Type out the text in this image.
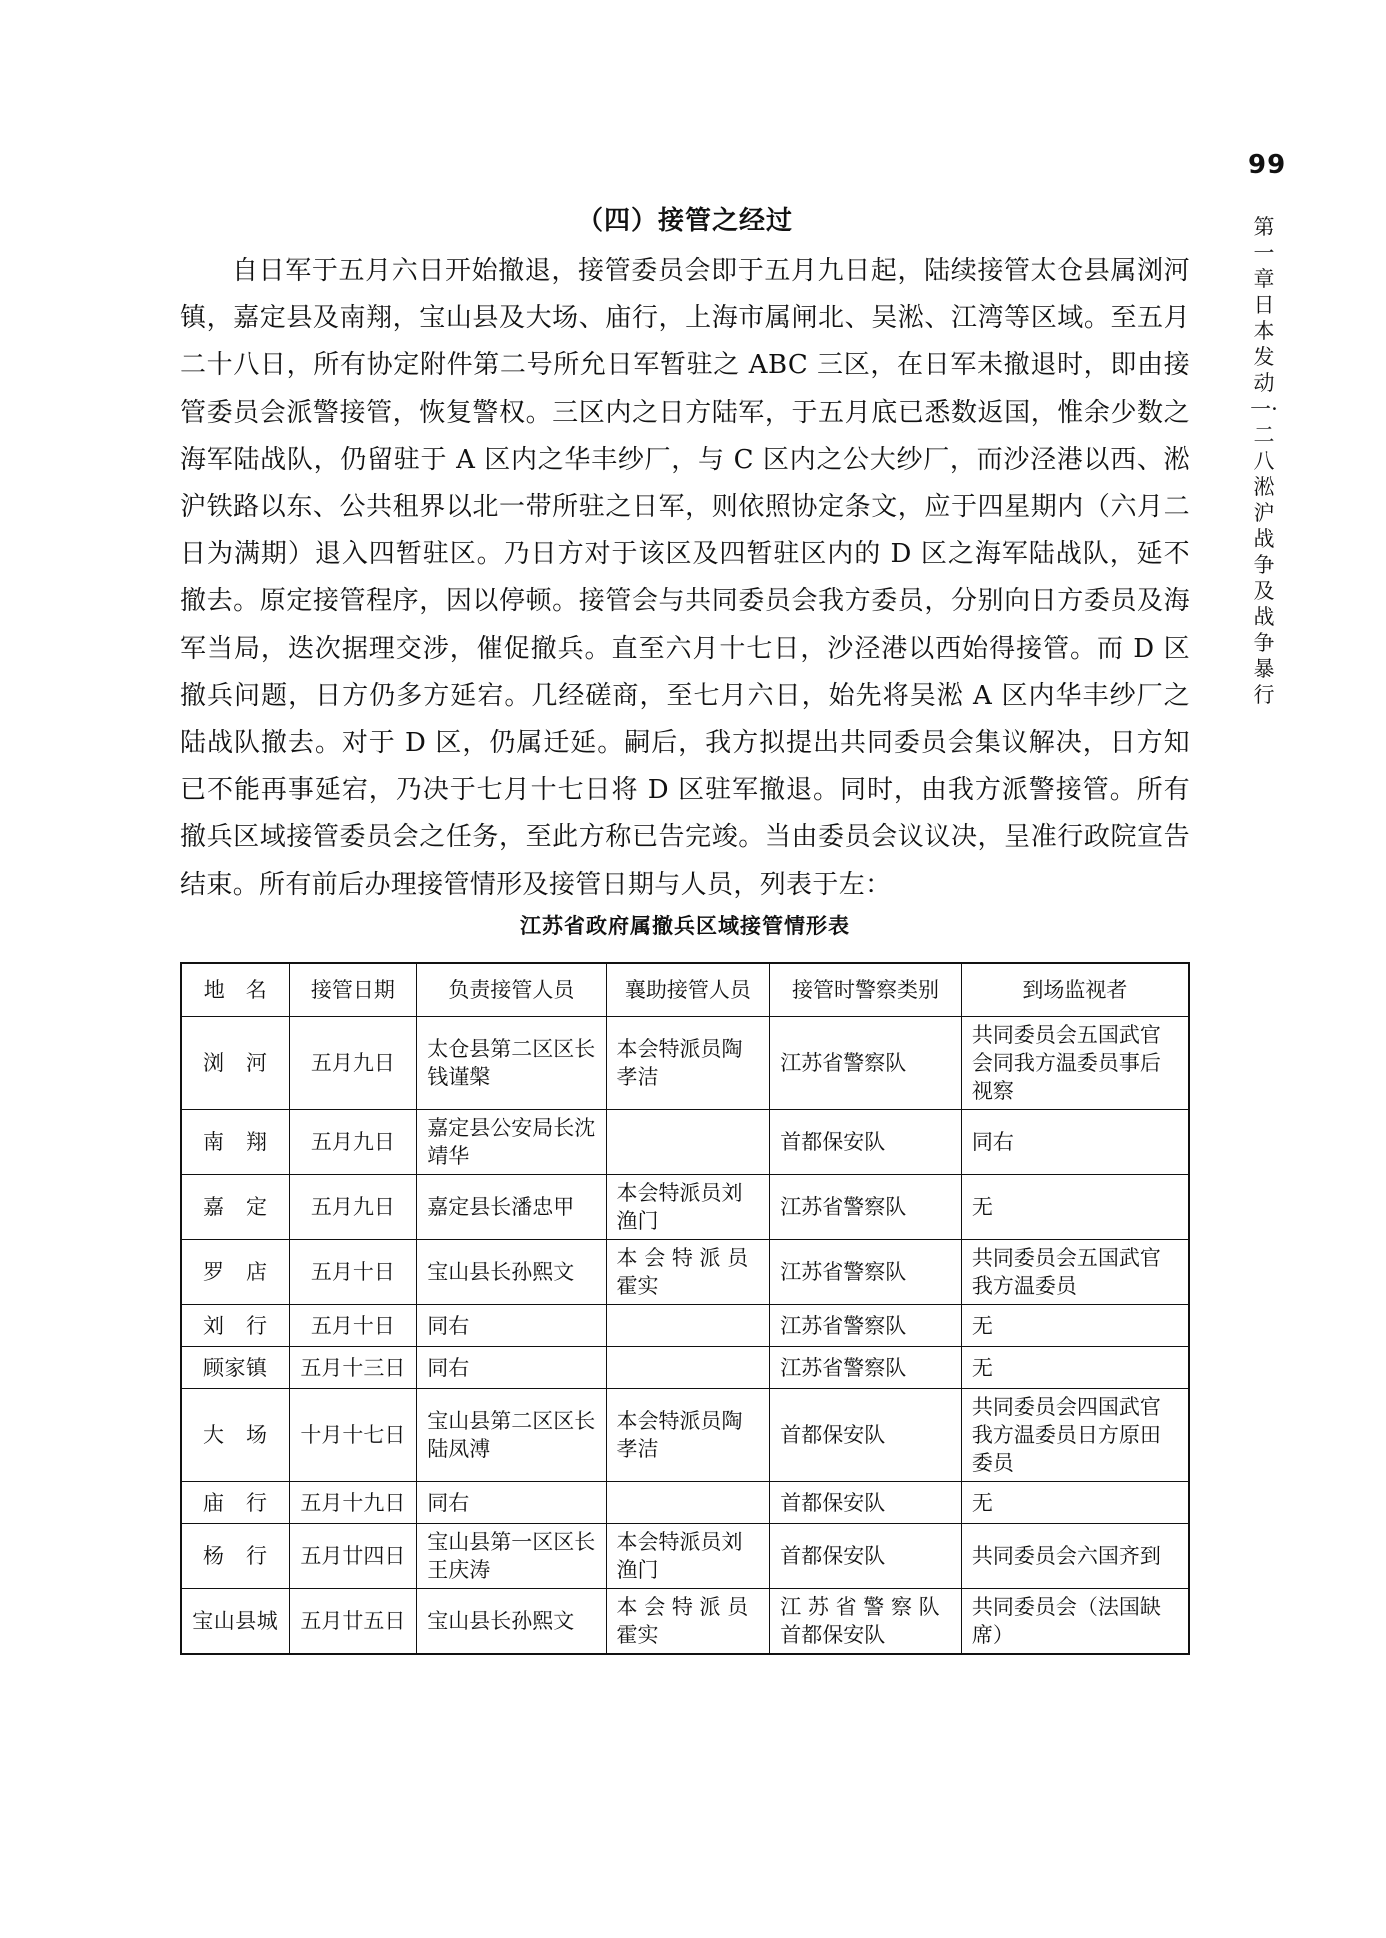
99
第一章 日本发动一·二八淞沪战争及战争暴行
（四）接管之经过

自日军于五月六日开始撤退，接管委员会即于五月九日起，陆续接管太仓县属浏河镇，嘉定县及南翔，宝山县及大场、庙行，上海市属闸北、吴淞、江湾等区域。至五月二十八日，所有协定附件第二号所允日军暂驻之 ABC 三区，在日军未撤退时，即由接管委员会派警接管，恢复警权。三区内之日方陆军，于五月底已悉数返国，惟余少数之海军陆战队，仍留驻于 A 区内之华丰纱厂，与 C 区内之公大纱厂，而沙泾港以西、淞沪铁路以东、公共租界以北一带所驻之日军，则依照协定条文，应于四星期内（六月二日为满期）退入四暂驻区。乃日方对于该区及四暂驻区内的 D 区之海军陆战队，延不撤去。原定接管程序，因以停顿。接管会与共同委员会我方委员，分别向日方委员及海军当局，迭次据理交涉，催促撤兵。直至六月十七日，沙泾港以西始得接管。而 D 区撤兵问题，日方仍多方延宕。几经磋商，至七月六日，始先将吴淞 A 区内华丰纱厂之陆战队撤去。对于 D 区，仍属迁延。嗣后，我方拟提出共同委员会集议解决，日方知已不能再事延宕，乃决于七月十七日将 D 区驻军撤退。同时，由我方派警接管。所有撤兵区域接管委员会之任务，至此方称已告完竣。当由委员会议议决，呈准行政院宣告结束。所有前后办理接管情形及接管日期与人员，列表于左：

江苏省政府属撤兵区域接管情形表
地　名	接管日期	负责接管人员	襄助接管人员	接管时警察类别	到场监视者
浏　河	五月九日	太仓县第二区区长钱谨槃	本会特派员陶孝洁	江苏省警察队	共同委员会五国武官会同我方温委员事后视察
南　翔	五月九日	嘉定县公安局长沈靖华		首都保安队	同右
嘉　定	五月九日	嘉定县长潘忠甲	本会特派员刘渔门	江苏省警察队	无
罗　店	五月十日	宝山县长孙熙文	本 会 特 派 员霍实	江苏省警察队	共同委员会五国武官我方温委员
刘　行	五月十日	同右		江苏省警察队	无
顾家镇	五月十三日	同右		江苏省警察队	无
大　场	十月十七日	宝山县第二区区长陆凤溥	本会特派员陶孝洁	首都保安队	共同委员会四国武官我方温委员日方原田委员
庙　行	五月十九日	同右		首都保安队	无
杨　行	五月廿四日	宝山县第一区区长王庆涛	本会特派员刘渔门	首都保安队	共同委员会六国齐到
宝山县城	五月廿五日	宝山县长孙熙文	本 会 特 派 员霍实	江 苏 省 警 察 队首都保安队	共同委员会（法国缺席）
